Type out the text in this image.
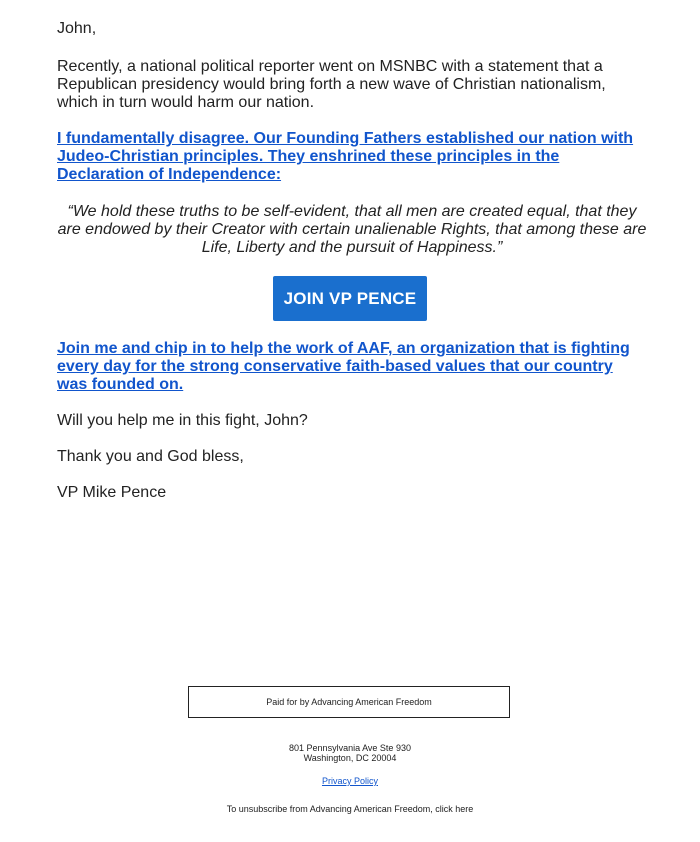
John,

Recently, a national political reporter went on MSNBC with a statement that a Republican presidency would bring forth a new wave of Christian nationalism, which in turn would harm our nation.

I fundamentally disagree. Our Founding Fathers established our nation with Judeo-Christian principles. They enshrined these principles in the Declaration of Independence:

“We hold these truths to be self-evident, that all men are created equal, that they are endowed by their Creator with certain unalienable Rights, that among these are Life, Liberty and the pursuit of Happiness.”

JOIN VP PENCE
Join me and chip in to help the work of AAF, an organization that is fighting every day for the strong conservative faith-based values that our country was founded on.

Will you help me in this fight, John?

Thank you and God bless,

VP Mike Pence

Paid for by Advancing American Freedom
801 Pennsylvania Ave Ste 930
Washington, DC 20004
Privacy Policy
To unsubscribe from Advancing American Freedom, click here
